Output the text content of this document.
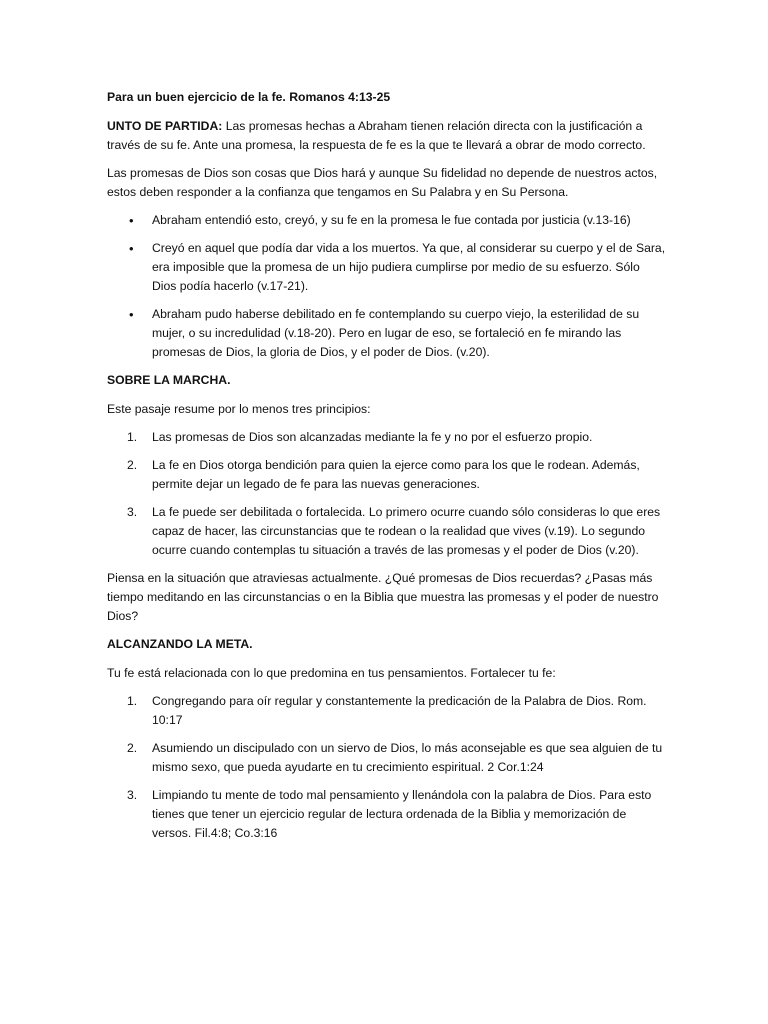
Para un buen ejercicio de la fe. Romanos 4:13-25

UNTO DE PARTIDA: Las promesas hechas a Abraham tienen relación directa con la justificación a través de su fe. Ante una promesa, la respuesta de fe es la que te llevará a obrar de modo correcto.

Las promesas de Dios son cosas que Dios hará y aunque Su fidelidad no depende de nuestros actos, estos deben responder a la confianza que tengamos en Su Palabra y en Su Persona.

• Abraham entendió esto, creyó, y su fe en la promesa le fue contada por justicia (v.13-16)
• Creyó en aquel que podía dar vida a los muertos. Ya que, al considerar su cuerpo y el de Sara, era imposible que la promesa de un hijo pudiera cumplirse por medio de su esfuerzo. Sólo Dios podía hacerlo (v.17-21).
• Abraham pudo haberse debilitado en fe contemplando su cuerpo viejo, la esterilidad de su mujer, o su incredulidad (v.18-20). Pero en lugar de eso, se fortaleció en fe mirando las promesas de Dios, la gloria de Dios, y el poder de Dios. (v.20).

SOBRE LA MARCHA.

Este pasaje resume por lo menos tres principios:

1. Las promesas de Dios son alcanzadas mediante la fe y no por el esfuerzo propio.
2. La fe en Dios otorga bendición para quien la ejerce como para los que le rodean. Además, permite dejar un legado de fe para las nuevas generaciones.
3. La fe puede ser debilitada o fortalecida. Lo primero ocurre cuando sólo consideras lo que eres capaz de hacer, las circunstancias que te rodean o la realidad que vives (v.19). Lo segundo ocurre cuando contemplas tu situación a través de las promesas y el poder de Dios (v.20).

Piensa en la situación que atraviesas actualmente. ¿Qué promesas de Dios recuerdas? ¿Pasas más tiempo meditando en las circunstancias o en la Biblia que muestra las promesas y el poder de nuestro Dios?

ALCANZANDO LA META.

Tu fe está relacionada con lo que predomina en tus pensamientos. Fortalecer tu fe:

1. Congregando para oír regular y constantemente la predicación de la Palabra de Dios. Rom. 10:17
2. Asumiendo un discipulado con un siervo de Dios, lo más aconsejable es que sea alguien de tu mismo sexo, que pueda ayudarte en tu crecimiento espiritual. 2 Cor.1:24
3. Limpiando tu mente de todo mal pensamiento y llenándola con la palabra de Dios. Para esto tienes que tener un ejercicio regular de lectura ordenada de la Biblia y memorización de versos. Fil.4:8; Co.3:16
